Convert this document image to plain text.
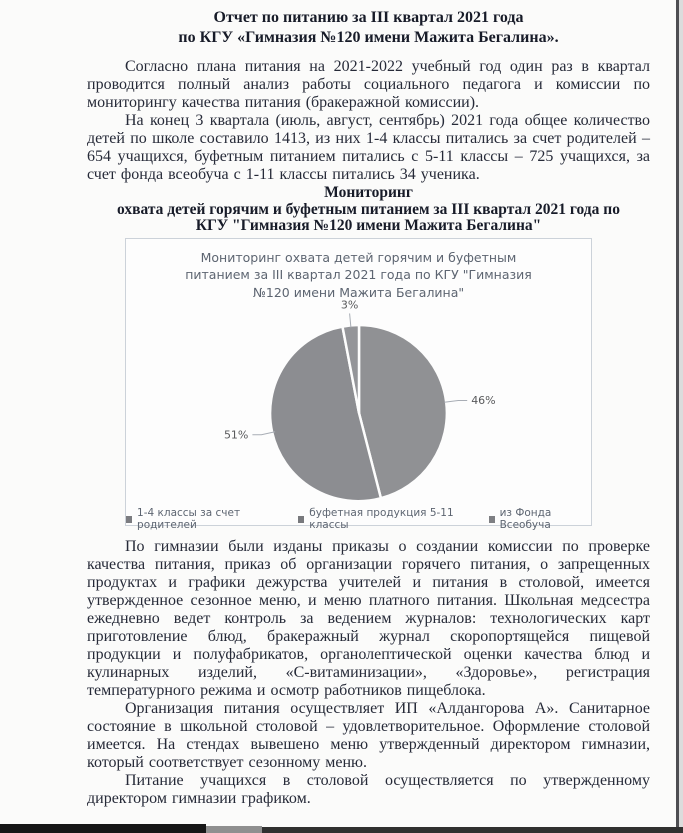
Отчет по питанию за III квартал 2021 года
по КГУ «Гимназия №120 имени Мажита Бегалина».

Согласно плана питания на 2021-2022 учебный год один раз в квартал проводится полный анализ работы социального педагога и комиссии по мониторингу качества питания (бракеражной комиссии).

На конец 3 квартала (июль, август, сентябрь) 2021 года общее количество детей по школе составило 1413, из них 1-4 классы питались за счет родителей – 654 учащихся, буфетным питанием питались с 5-11 классы – 725 учащихся, за счет фонда всеобуча с 1-11 классы питались 34 ученика.

Мониторинг
охвата детей горячим и буфетным питанием за III квартал 2021 года по
КГУ "Гимназия №120 имени Мажита Бегалина"
Мониторинг охвата детей горячим и буфетным
питанием за III квартал 2021 года по КГУ "Гимназия
№120 имени Мажита Бегалина"
46%
51%
3%
1-4 классы за счет родителей
буфетная продукция 5-11 классы
из Фонда Всеобуча

По гимназии были изданы приказы о создании комиссии по проверке качества питания, приказ об организации горячего питания, о запрещенных продуктах и графики дежурства учителей и питания в столовой, имеется утвержденное сезонное меню, и меню платного питания. Школьная медсестра ежедневно ведет контроль за ведением журналов: технологических карт приготовление блюд, бракеражный журнал скоропортящейся пищевой продукции и полуфабрикатов, органолептической оценки качества блюд и кулинарных изделий, «С-витаминизации», «Здоровье», регистрация температурного режима и осмотр работников пищеблока.

Организация питания осуществляет ИП «Алдангорова А». Санитарное состояние в школьной столовой – удовлетворительное. Оформление столовой имеется. На стендах вывешено меню утвержденный директором гимназии, который соответствует сезонному меню.

Питание учащихся в столовой осуществляется по утвержденному директором гимназии графиком.
